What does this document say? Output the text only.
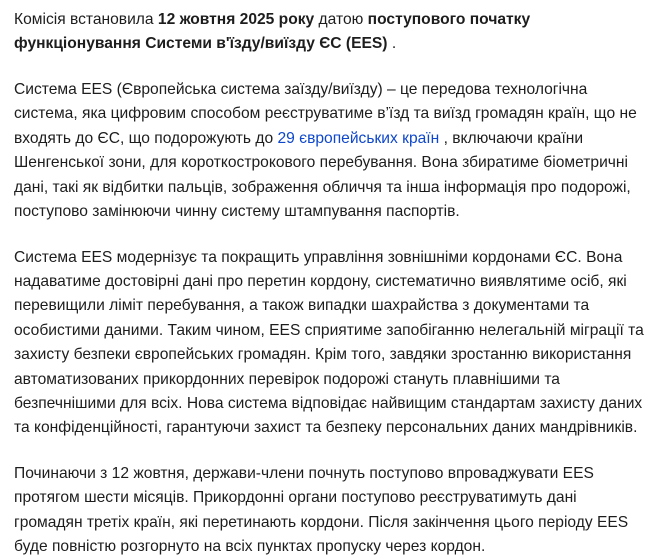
Комісія встановила 12 жовтня 2025 року датою поступового початку функціонування Системи в'їзду/виїзду ЄС (EES) .

Система EES (Європейська система заїзду/виїзду) – це передова технологічна система, яка цифровим способом реєструватиме в’їзд та виїзд громадян країн, що не входять до ЄС, що подорожують до 29 європейських країн , включаючи країни Шенгенської зони, для короткострокового перебування. Вона збиратиме біометричні дані, такі як відбитки пальців, зображення обличчя та інша інформація про подорожі, поступово замінюючи чинну систему штампування паспортів.

Система EES модернізує та покращить управління зовнішніми кордонами ЄС. Вона надаватиме достовірні дані про перетин кордону, систематично виявлятиме осіб, які перевищили ліміт перебування, а також випадки шахрайства з документами та особистими даними. Таким чином, EES сприятиме запобіганню нелегальній міграції та захисту безпеки європейських громадян. Крім того, завдяки зростанню використання автоматизованих прикордонних перевірок подорожі стануть плавнішими та безпечнішими для всіх. Нова система відповідає найвищим стандартам захисту даних та конфіденційності, гарантуючи захист та безпеку персональних даних мандрівників.

Починаючи з 12 жовтня, держави-члени почнуть поступово впроваджувати EES протягом шести місяців. Прикордонні органи поступово реєструватимуть дані громадян третіх країн, які перетинають кордони. Після закінчення цього періоду EES буде повністю розгорнуто на всіх пунктах пропуску через кордон.
